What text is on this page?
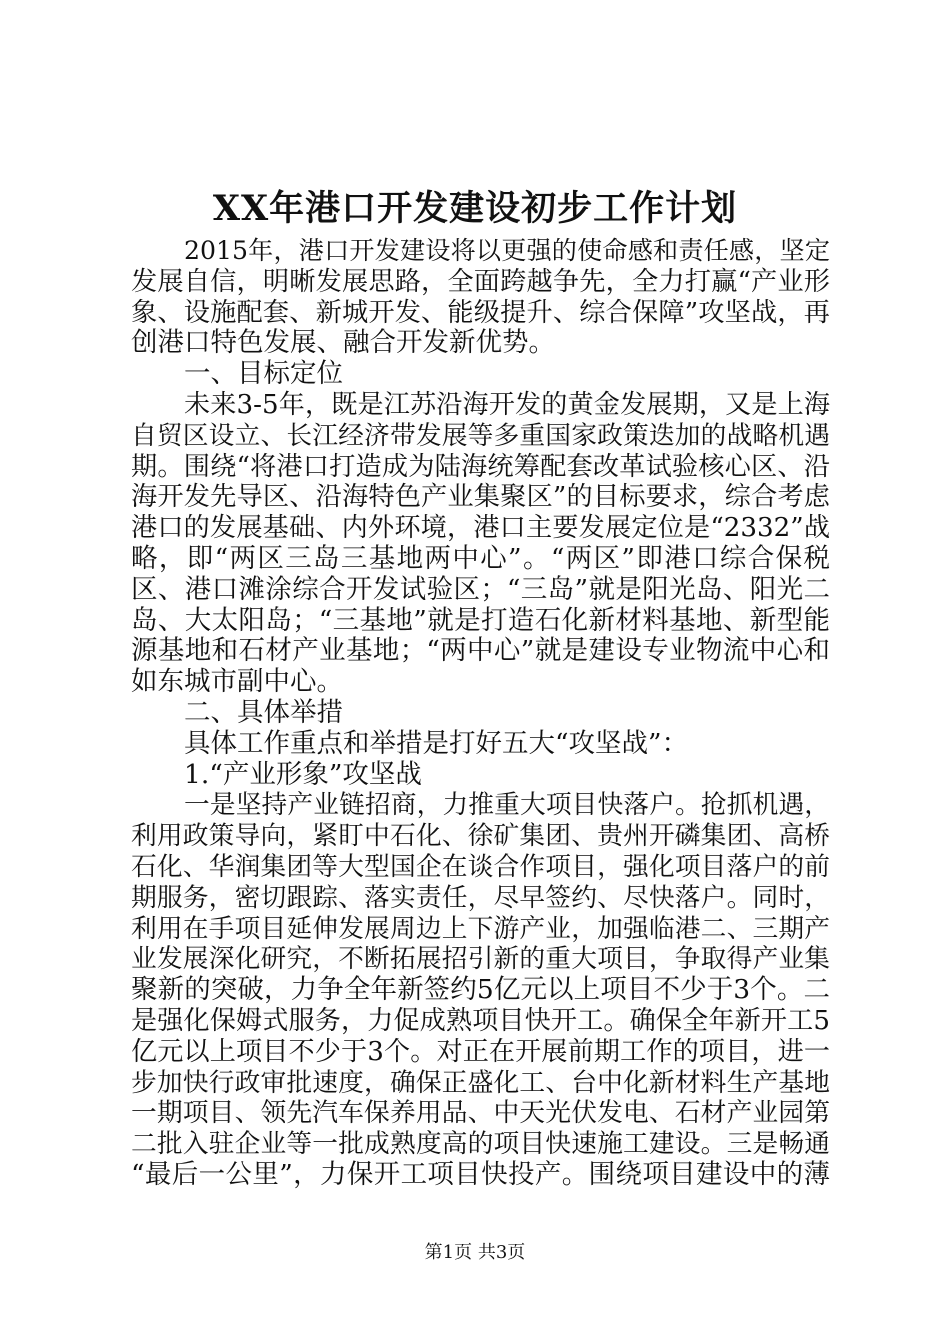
XX年港口开发建设初步工作计划
2015年，港口开发建设将以更强的使命感和责任感，坚定
发展自信，明晰发展思路，全面跨越争先，全力打赢“产业形
象、设施配套、新城开发、能级提升、综合保障”攻坚战，再
创港口特色发展、融合开发新优势。
一、目标定位
未来3-5年，既是江苏沿海开发的黄金发展期，又是上海
自贸区设立、长江经济带发展等多重国家政策迭加的战略机遇
期。围绕“将港口打造成为陆海统筹配套改革试验核心区、沿
海开发先导区、沿海特色产业集聚区”的目标要求，综合考虑
港口的发展基础、内外环境，港口主要发展定位是“2332”战
略，即“两区三岛三基地两中心”。“两区”即港口综合保税
区、港口滩涂综合开发试验区；“三岛”就是阳光岛、阳光二
岛、大太阳岛；“三基地”就是打造石化新材料基地、新型能
源基地和石材产业基地；“两中心”就是建设专业物流中心和
如东城市副中心。
二、具体举措
具体工作重点和举措是打好五大“攻坚战”：
1.“产业形象”攻坚战
一是坚持产业链招商，力推重大项目快落户。抢抓机遇，
利用政策导向，紧盯中石化、徐矿集团、贵州开磷集团、高桥
石化、华润集团等大型国企在谈合作项目，强化项目落户的前
期服务，密切跟踪、落实责任，尽早签约、尽快落户。同时，
利用在手项目延伸发展周边上下游产业，加强临港二、三期产
业发展深化研究，不断拓展招引新的重大项目，争取得产业集
聚新的突破，力争全年新签约5亿元以上项目不少于3个。二
是强化保姆式服务，力促成熟项目快开工。确保全年新开工5
亿元以上项目不少于3个。对正在开展前期工作的项目，进一
步加快行政审批速度，确保正盛化工、台中化新材料生产基地
一期项目、领先汽车保养用品、中天光伏发电、石材产业园第
二批入驻企业等一批成熟度高的项目快速施工建设。三是畅通
“最后一公里”，力保开工项目快投产。围绕项目建设中的薄
第1页 共3页
